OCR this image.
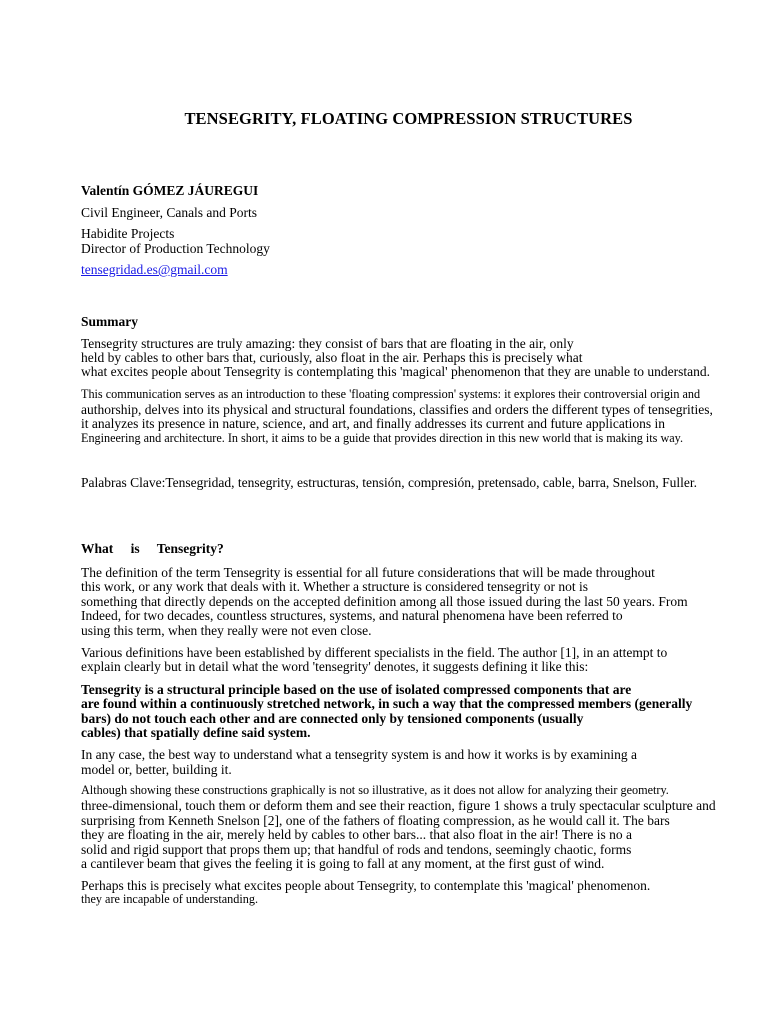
TENSEGRITY, FLOATING COMPRESSION STRUCTURES
Valentín GÓMEZ JÁUREGUI
Civil Engineer, Canals and Ports
Habidite Projects
Director of Production Technology
tensegridad.es@gmail.com
Summary
Tensegrity structures are truly amazing: they consist of bars that are floating in the air, only
held by cables to other bars that, curiously, also float in the air. Perhaps this is precisely what
what excites people about Tensegrity is contemplating this 'magical' phenomenon that they are unable to understand.
This communication serves as an introduction to these 'floating compression' systems: it explores their controversial origin and
authorship, delves into its physical and structural foundations, classifies and orders the different types of tensegrities,
it analyzes its presence in nature, science, and art, and finally addresses its current and future applications in
Engineering and architecture. In short, it aims to be a guide that provides direction in this new world that is making its way.
Palabras Clave:Tensegridad, tensegrity, estructuras, tensión, compresión, pretensado, cable, barra, Snelson, Fuller.
What is Tensegrity?
The definition of the term Tensegrity is essential for all future considerations that will be made throughout
this work, or any work that deals with it. Whether a structure is considered tensegrity or not is
something that directly depends on the accepted definition among all those issued during the last 50 years. From
Indeed, for two decades, countless structures, systems, and natural phenomena have been referred to
using this term, when they really were not even close.
Various definitions have been established by different specialists in the field. The author [1], in an attempt to
explain clearly but in detail what the word 'tensegrity' denotes, it suggests defining it like this:
Tensegrity is a structural principle based on the use of isolated compressed components that are
are found within a continuously stretched network, in such a way that the compressed members (generally
bars) do not touch each other and are connected only by tensioned components (usually
cables) that spatially define said system.
In any case, the best way to understand what a tensegrity system is and how it works is by examining a
model or, better, building it.
Although showing these constructions graphically is not so illustrative, as it does not allow for analyzing their geometry.
three-dimensional, touch them or deform them and see their reaction, figure 1 shows a truly spectacular sculpture and
surprising from Kenneth Snelson [2], one of the fathers of floating compression, as he would call it. The bars
they are floating in the air, merely held by cables to other bars... that also float in the air! There is no a
solid and rigid support that props them up; that handful of rods and tendons, seemingly chaotic, forms
a cantilever beam that gives the feeling it is going to fall at any moment, at the first gust of wind.
Perhaps this is precisely what excites people about Tensegrity, to contemplate this 'magical' phenomenon.
they are incapable of understanding.
